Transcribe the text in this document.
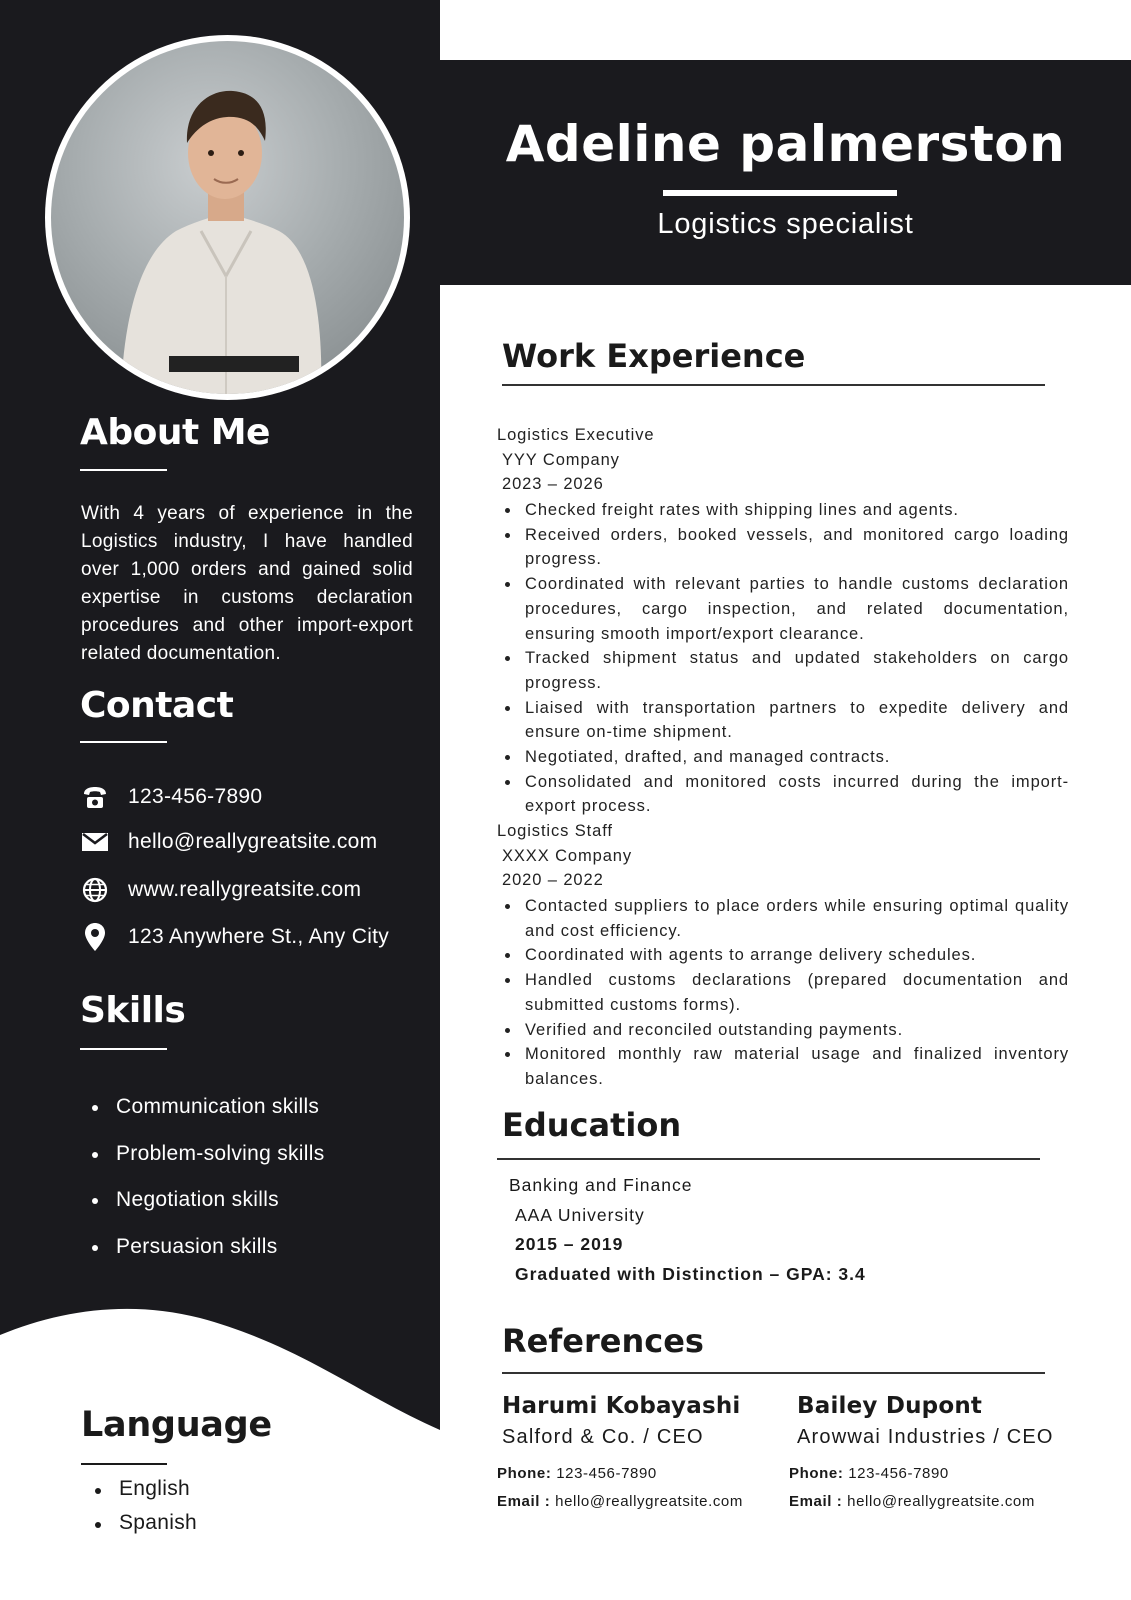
About Me
With 4 years of experience in the Logistics industry, I have handled over 1,000 orders and gained solid expertise in customs declaration procedures and other import-export related documentation.
Contact
123-456-7890
hello@reallygreatsite.com
www.reallygreatsite.com
123 Anywhere St., Any City
Skills
Communication skills
Problem-solving skills
Negotiation skills
Persuasion skills
Language
English
Spanish
Adeline palmerston
Logistics specialist
Work Experience
Logistics Executive
YYY Company
2023 – 2026
Checked freight rates with shipping lines and agents.
Received orders, booked vessels, and monitored cargo loading progress.
Coordinated with relevant parties to handle customs declaration procedures, cargo inspection, and related documentation, ensuring smooth import/export clearance.
Tracked shipment status and updated stakeholders on cargo progress.
Liaised with transportation partners to expedite delivery and ensure on-time shipment.
Negotiated, drafted, and managed contracts.
Consolidated and monitored costs incurred during the import-export process.
Logistics Staff
XXXX Company
2020 – 2022
Contacted suppliers to place orders while ensuring optimal quality and cost efficiency.
Coordinated with agents to arrange delivery schedules.
Handled customs declarations (prepared documentation and submitted customs forms).
Verified and reconciled outstanding payments.
Monitored monthly raw material usage and finalized inventory balances.
Education
Banking and Finance
AAA University
2015 – 2019
Graduated with Distinction – GPA: 3.4
References
Harumi Kobayashi
Salford & Co. / CEO
Phone: 123-456-7890
Email : hello@reallygreatsite.com
Bailey Dupont
Arowwai Industries / CEO
Phone: 123-456-7890
Email : hello@reallygreatsite.com
